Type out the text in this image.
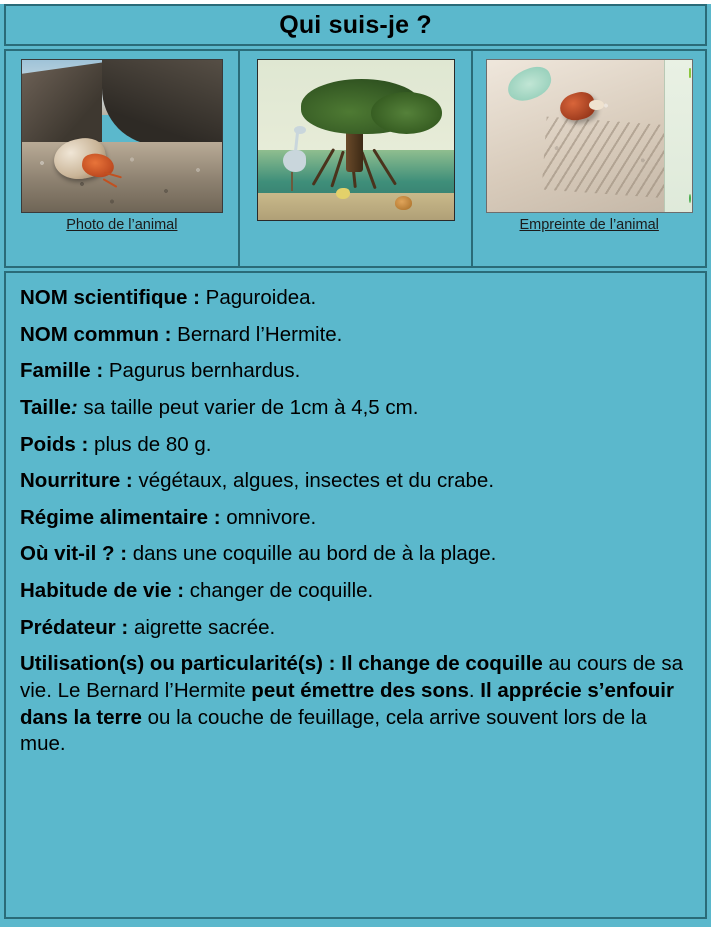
Qui suis-je ?
Photo de l’animal	Empreinte de l’animal
NOM scientifique : Paguroidea.
NOM commun : Bernard l’Hermite.
Famille : Pagurus bernhardus.
Taille: sa taille peut varier de 1cm à 4,5 cm.
Poids : plus de 80 g.
Nourriture : végétaux, algues, insectes et du crabe.
Régime alimentaire : omnivore.
Où vit-il ? : dans une coquille au bord de à la plage.
Habitude de vie : changer de coquille.
Prédateur : aigrette sacrée.
Utilisation(s) ou particularité(s) : Il change de coquille au cours de sa vie. Le Bernard l’Hermite peut émettre des sons. Il apprécie s’enfouir dans la terre ou la couche de feuillage, cela arrive souvent lors de la mue.
